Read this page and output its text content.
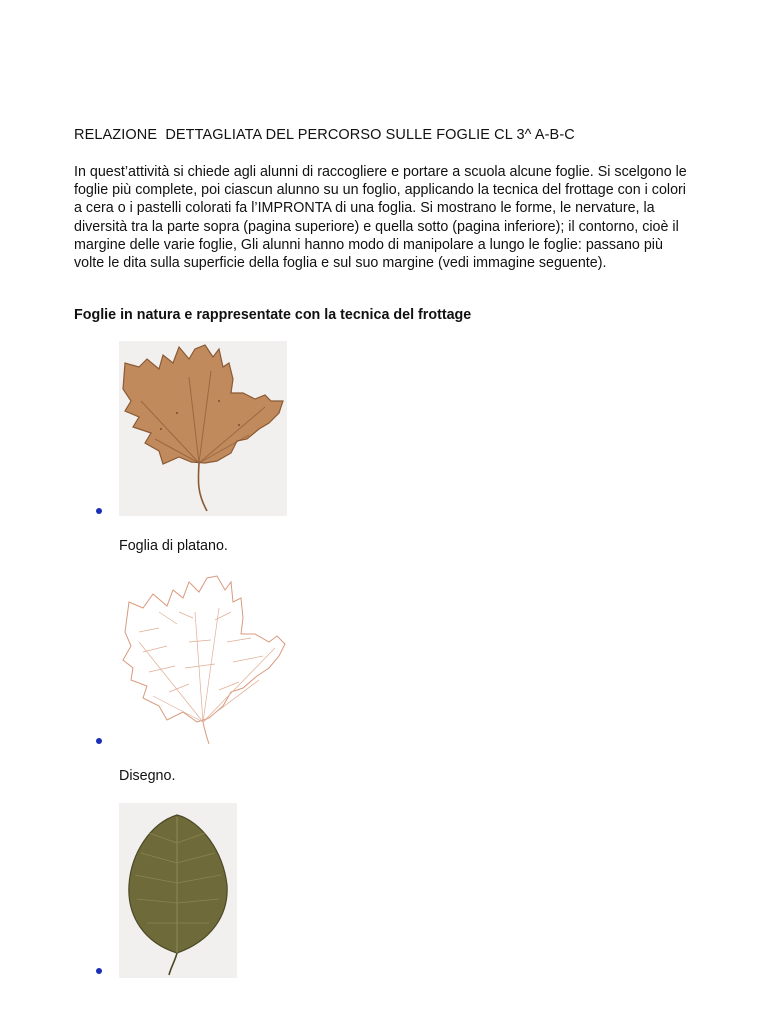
RELAZIONE  DETTAGLIATA DEL PERCORSO SULLE FOGLIE CL 3^ A-B-C
In quest’attività si chiede agli alunni di raccogliere e portare a scuola alcune foglie. Si scelgono le foglie più complete, poi ciascun alunno su un foglio, applicando la tecnica del frottage con i colori a cera o i pastelli colorati fa l’IMPRONTA di una foglia. Si mostrano le forme, le nervature, la diversità tra la parte sopra (pagina superiore) e quella sotto (pagina inferiore); il contorno, cioè il margine delle varie foglie, Gli alunni hanno modo di manipolare a lungo le foglie: passano più volte le dita sulla superficie della foglia e sul suo margine (vedi immagine seguente).
Foglie in natura e rappresentate con la tecnica del frottage
Foglia di platano.
Disegno.
